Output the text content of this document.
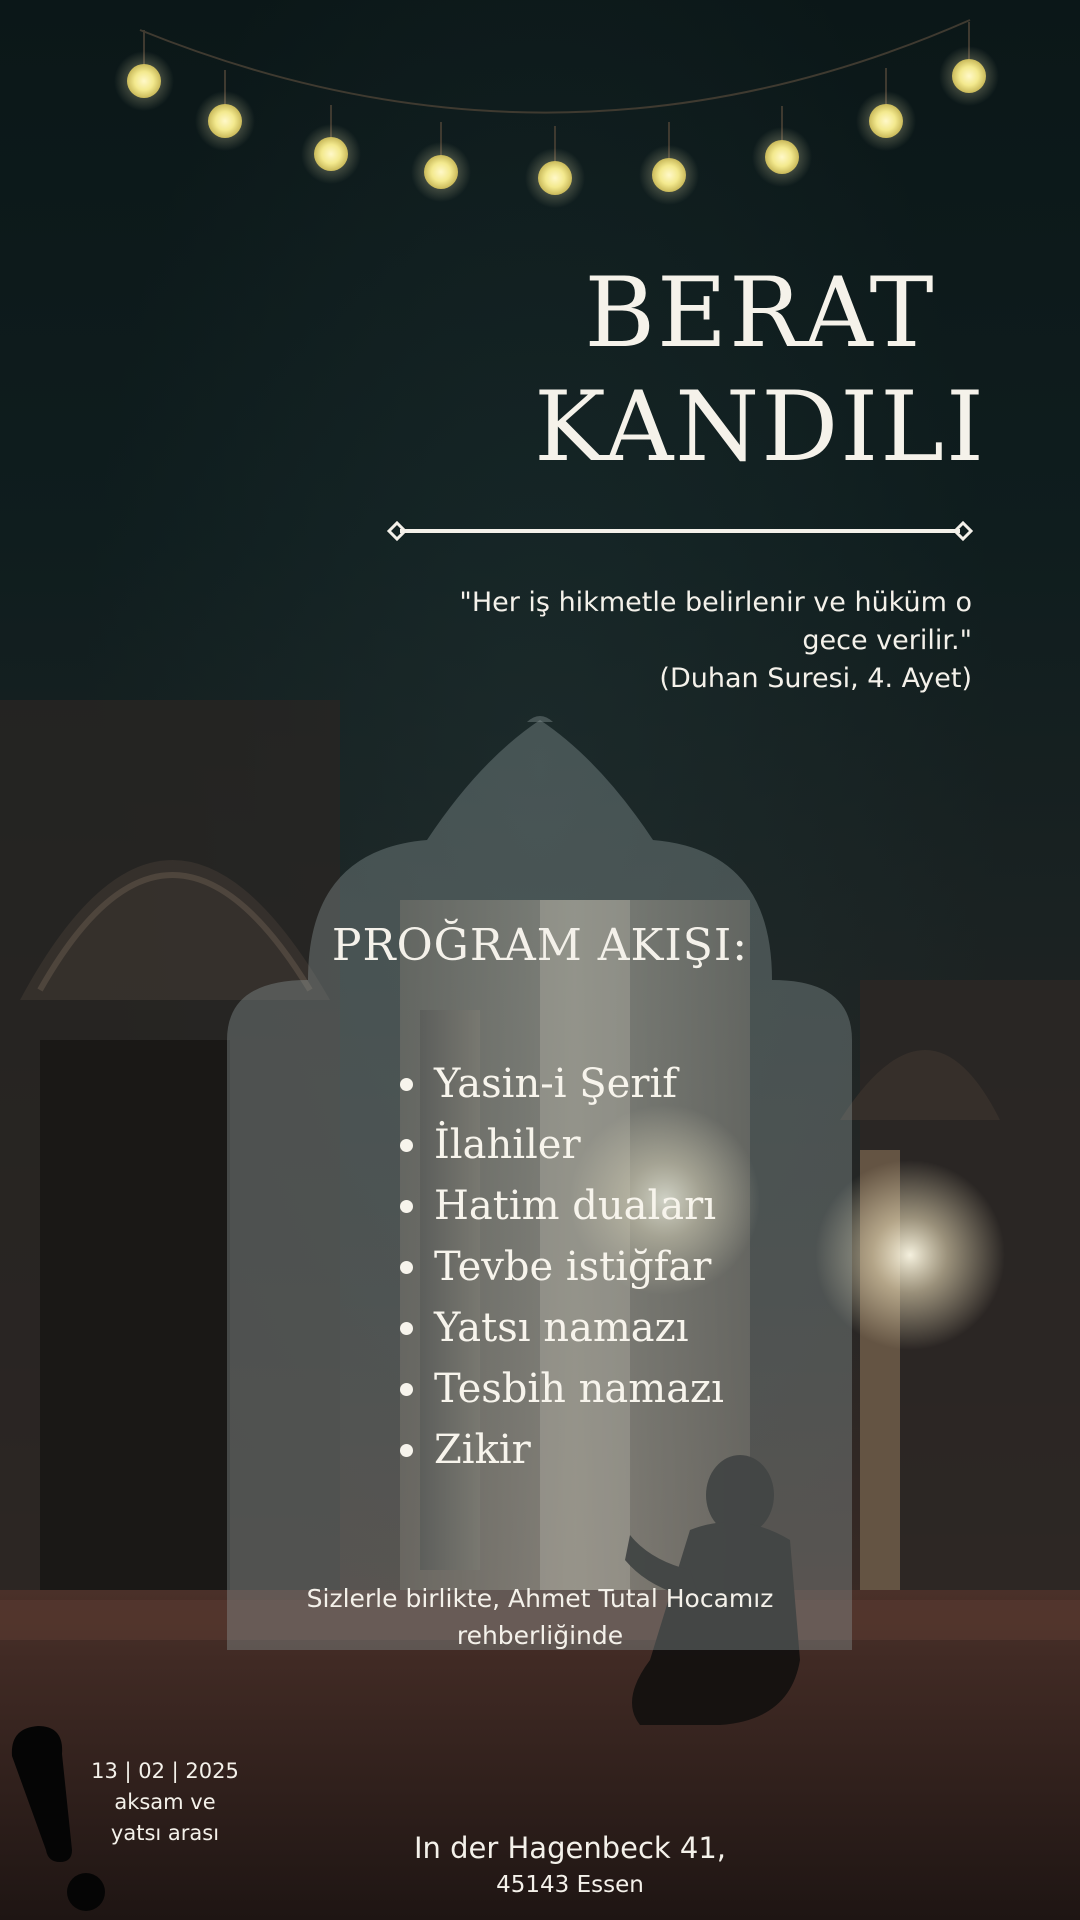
BERAT
KANDILI
"Her iş hikmetle belirlenir ve hüküm o
gece verilir."
(Duhan Suresi, 4. Ayet)
PROĞRAM AKIŞI:
Yasin-i Şerif
İlahiler
Hatim duaları
Tevbe istiğfar
Yatsı namazı
Tesbih namazı
Zikir
Sizlerle birlikte, Ahmet Tutal Hocamız
rehberliğinde
13 | 02 | 2025
aksam ve
yatsı arası	In der Hagenbeck 41,
45143 Essen
